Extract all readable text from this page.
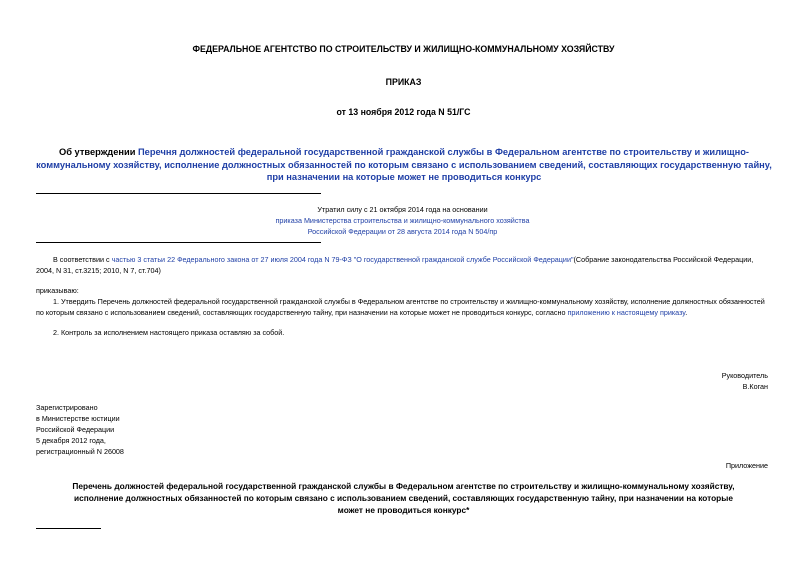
ФЕДЕРАЛЬНОЕ АГЕНТСТВО ПО СТРОИТЕЛЬСТВУ И ЖИЛИЩНО-КОММУНАЛЬНОМУ ХОЗЯЙСТВУ
ПРИКАЗ
от 13 ноября 2012 года N 51/ГС
Об утверждении Перечня должностей федеральной государственной гражданской службы в Федеральном агентстве по строительству и жилищно-коммунальному хозяйству, исполнение должностных обязанностей по которым связано с использованием сведений, составляющих государственную тайну, при назначении на которые может не проводиться конкурс
Утратил силу с 21 октября 2014 года на основании
приказа Министерства строительства и жилищно-коммунального хозяйства
Российской Федерации от 28 августа 2014 года N 504/пр
В соответствии с частью 3 статьи 22 Федерального закона от 27 июля 2004 года N 79-ФЗ "О государственной гражданской службе Российской Федерации"(Собрание законодательства Российской Федерации,
2004, N 31, ст.3215; 2010, N 7, ст.704)
приказываю:
1. Утвердить Перечень должностей федеральной государственной гражданской службы в Федеральном агентстве по строительству и жилищно-коммунальному хозяйству, исполнение должностных обязанностей
по которым связано с использованием сведений, составляющих государственную тайну, при назначении на которые может не проводиться конкурс, согласно приложению к настоящему приказу.
2. Контроль за исполнением настоящего приказа оставляю за собой.
Руководитель
В.Коган
Зарегистрировано
в Министерстве юстиции
Российской Федерации
5 декабря 2012 года,
регистрационный N 26008
Приложение
Перечень должностей федеральной государственной гражданской службы в Федеральном агентстве по строительству и жилищно-коммунальному хозяйству,
исполнение должностных обязанностей по которым связано с использованием сведений, составляющих государственную тайну, при назначении на которые
может не проводиться конкурс*
